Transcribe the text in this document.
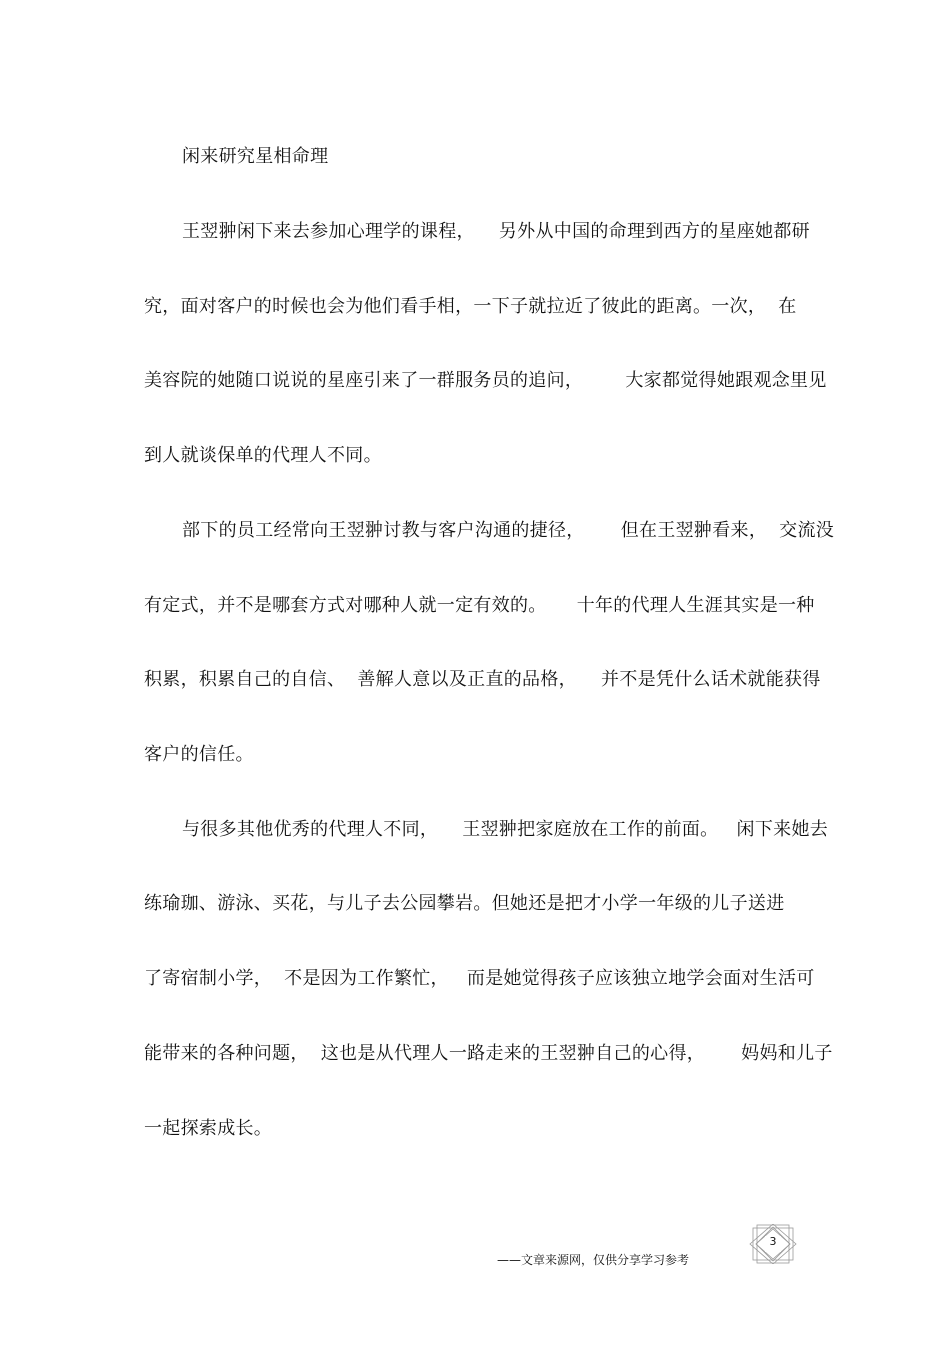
闲来研究星相命理
王翌翀闲下来去参加心理学的课程，    另外从中国的命理到西方的星座她都研
究，面对客户的时候也会为他们看手相，一下子就拉近了彼此的距离。一次，  在
美容院的她随口说说的星座引来了一群服务员的追问，       大家都觉得她跟观念里见
到人就谈保单的代理人不同。
部下的员工经常向王翌翀讨教与客户沟通的捷径，      但在王翌翀看来，  交流没
有定式，并不是哪套方式对哪种人就一定有效的。     十年的代理人生涯其实是一种
积累，积累自己的自信、  善解人意以及正直的品格，    并不是凭什么话术就能获得
客户的信任。
与很多其他优秀的代理人不同，    王翌翀把家庭放在工作的前面。   闲下来她去
练瑜珈、游泳、买花，与儿子去公园攀岩。但她还是把才小学一年级的儿子送进
了寄宿制小学，  不是因为工作繁忙，   而是她觉得孩子应该独立地学会面对生活可
能带来的各种问题，  这也是从代理人一路走来的王翌翀自己的心得，      妈妈和儿子
一起探索成长。
——文章来源网，仅供分享学习参考
3
